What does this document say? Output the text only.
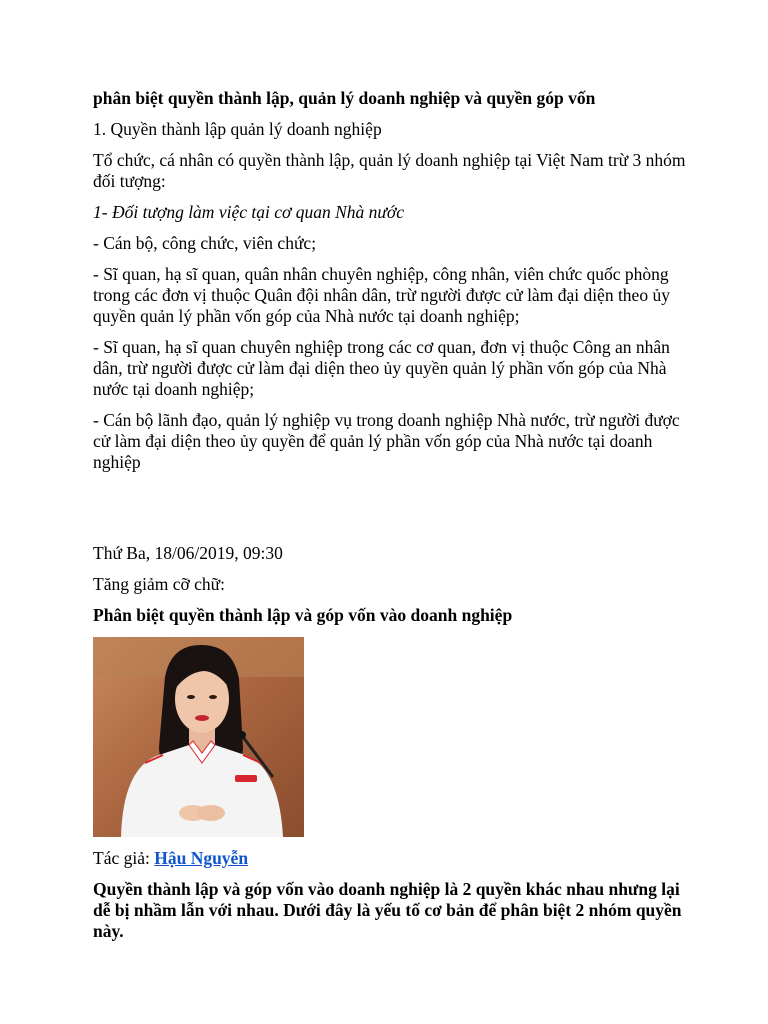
phân biệt quyền thành lập, quản lý doanh nghiệp và quyền góp vốn

1. Quyền thành lập quản lý doanh nghiệp

Tổ chức, cá nhân có quyền thành lập, quản lý doanh nghiệp tại Việt Nam trừ 3 nhóm đối tượng:

1- Đối tượng làm việc tại cơ quan Nhà nước

- Cán bộ, công chức, viên chức;

- Sĩ quan, hạ sĩ quan, quân nhân chuyên nghiệp, công nhân, viên chức quốc phòng trong các đơn vị thuộc Quân đội nhân dân, trừ người được cử làm đại diện theo ủy quyền quản lý phần vốn góp của Nhà nước tại doanh nghiệp;

- Sĩ quan, hạ sĩ quan chuyên nghiệp trong các cơ quan, đơn vị thuộc Công an nhân dân, trừ người được cử làm đại diện theo ủy quyền quản lý phần vốn góp của Nhà nước tại doanh nghiệp;

- Cán bộ lãnh đạo, quản lý nghiệp vụ trong doanh nghiệp Nhà nước, trừ người được cử làm đại diện theo ủy quyền để quản lý phần vốn góp của Nhà nước tại doanh nghiệp

Thứ Ba, 18/06/2019, 09:30

Tăng giảm cỡ chữ:

Phân biệt quyền thành lập và góp vốn vào doanh nghiệp

Tác giả: Hậu Nguyễn

Quyền thành lập và góp vốn vào doanh nghiệp là 2 quyền khác nhau nhưng lại dễ bị nhầm lẫn với nhau. Dưới đây là yếu tố cơ bản để phân biệt 2 nhóm quyền này.
